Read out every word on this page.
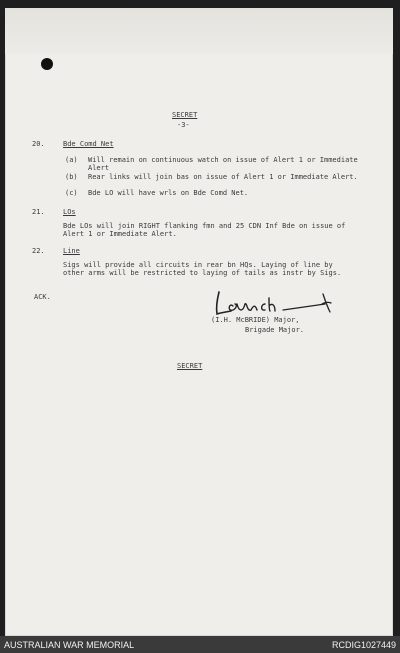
SECRET
-3-
20.	Bde Comd Net
(a) Will remain on continuous watch on issue of Alert 1 or Immediate Alert
(b) Rear links will join bas on issue of Alert 1 or Immediate Alert.
(c) Bde LO will have wrls on Bde Comd Net.
21.	LOs
Bde LOs will join RIGHT flanking fmn and 25 CDN Inf Bde on issue of Alert 1 or Immediate Alert.
22.	Line
Sigs will provide all circuits in rear bn HQs. Laying of line by other arms will be restricted to laying of tails as instr by Sigs.
ACK.
(I.H. McBRIDE) Major,
Brigade Major.
SECRET
AUSTRALIAN WAR MEMORIAL	RCDIG1027449
